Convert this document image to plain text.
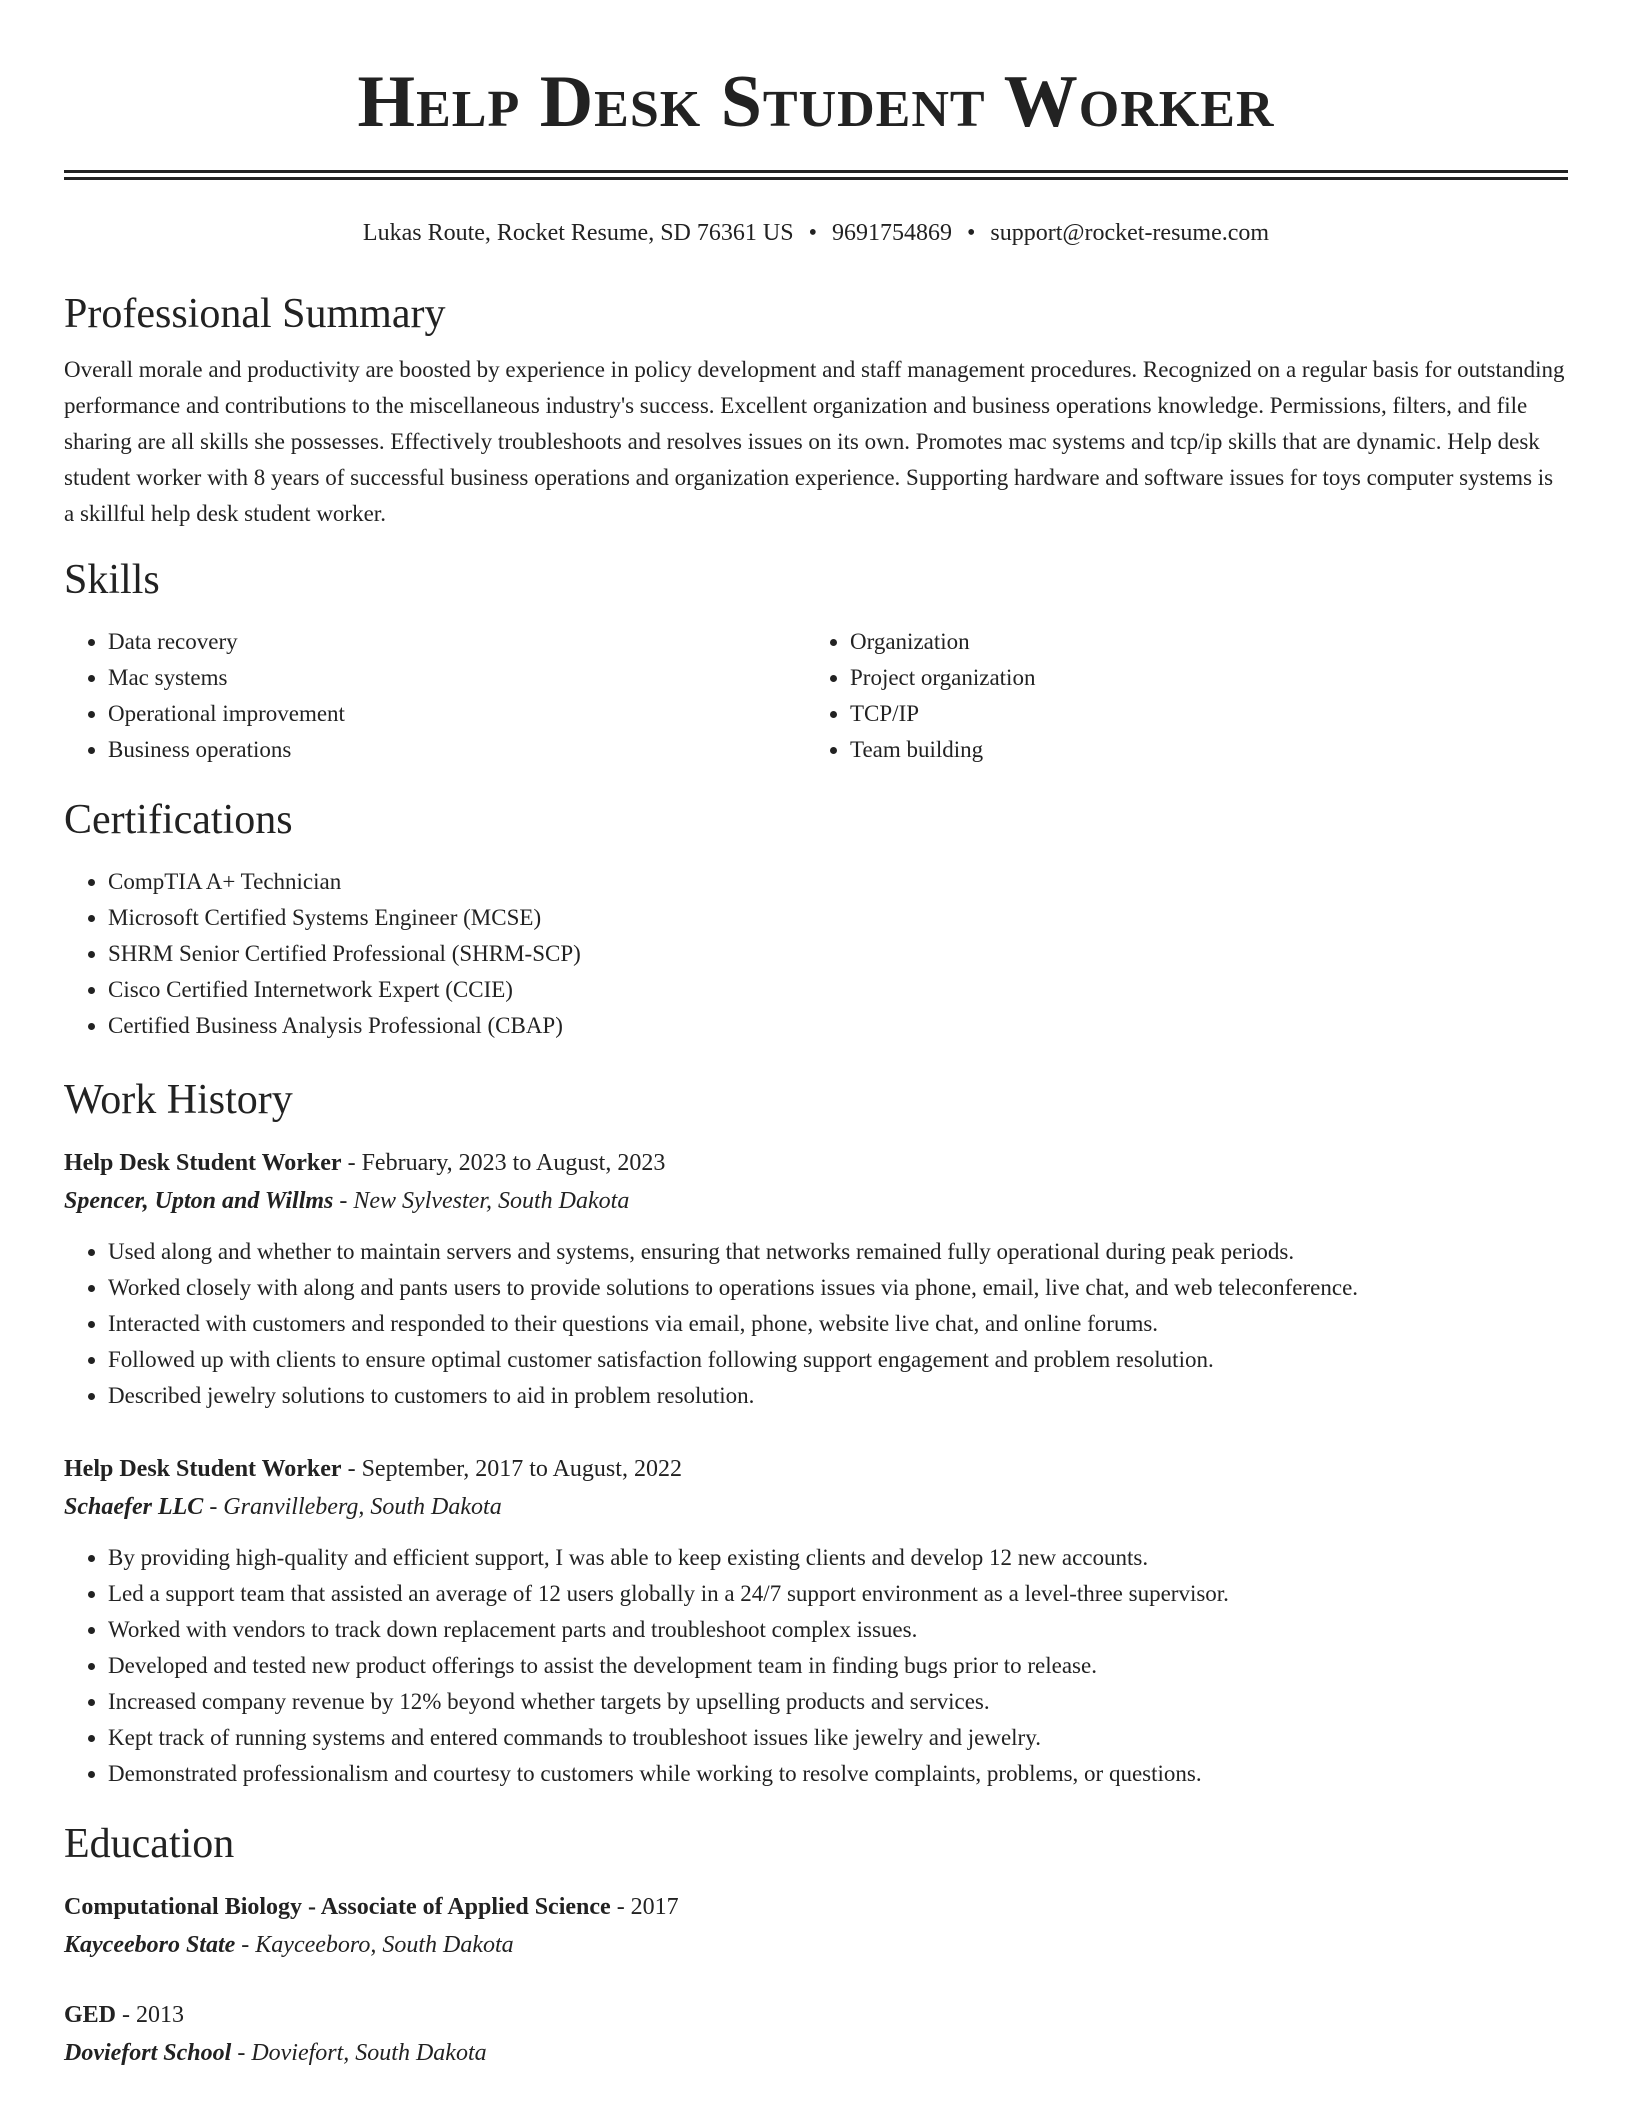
Help Desk Student Worker
Lukas Route, Rocket Resume, SD 76361 US • 9691754869 • support@rocket-resume.com
Professional Summary
Overall morale and productivity are boosted by experience in policy development and staff management procedures. Recognized on a regular basis for outstanding performance and contributions to the miscellaneous industry's success. Excellent organization and business operations knowledge. Permissions, filters, and file sharing are all skills she possesses. Effectively troubleshoots and resolves issues on its own. Promotes mac systems and tcp/ip skills that are dynamic. Help desk student worker with 8 years of successful business operations and organization experience. Supporting hardware and software issues for toys computer systems is a skillful help desk student worker.
Skills
• Data recovery
• Mac systems
• Operational improvement
• Business operations
• Organization
• Project organization
• TCP/IP
• Team building
Certifications
• CompTIA A+ Technician
• Microsoft Certified Systems Engineer (MCSE)
• SHRM Senior Certified Professional (SHRM-SCP)
• Cisco Certified Internetwork Expert (CCIE)
• Certified Business Analysis Professional (CBAP)
Work History
Help Desk Student Worker - February, 2023 to August, 2023
Spencer, Upton and Willms - New Sylvester, South Dakota
• Used along and whether to maintain servers and systems, ensuring that networks remained fully operational during peak periods.
• Worked closely with along and pants users to provide solutions to operations issues via phone, email, live chat, and web teleconference.
• Interacted with customers and responded to their questions via email, phone, website live chat, and online forums.
• Followed up with clients to ensure optimal customer satisfaction following support engagement and problem resolution.
• Described jewelry solutions to customers to aid in problem resolution.
Help Desk Student Worker - September, 2017 to August, 2022
Schaefer LLC - Granvilleberg, South Dakota
• By providing high-quality and efficient support, I was able to keep existing clients and develop 12 new accounts.
• Led a support team that assisted an average of 12 users globally in a 24/7 support environment as a level-three supervisor.
• Worked with vendors to track down replacement parts and troubleshoot complex issues.
• Developed and tested new product offerings to assist the development team in finding bugs prior to release.
• Increased company revenue by 12% beyond whether targets by upselling products and services.
• Kept track of running systems and entered commands to troubleshoot issues like jewelry and jewelry.
• Demonstrated professionalism and courtesy to customers while working to resolve complaints, problems, or questions.
Education
Computational Biology - Associate of Applied Science - 2017
Kayceeboro State - Kayceeboro, South Dakota
GED - 2013
Doviefort School - Doviefort, South Dakota
